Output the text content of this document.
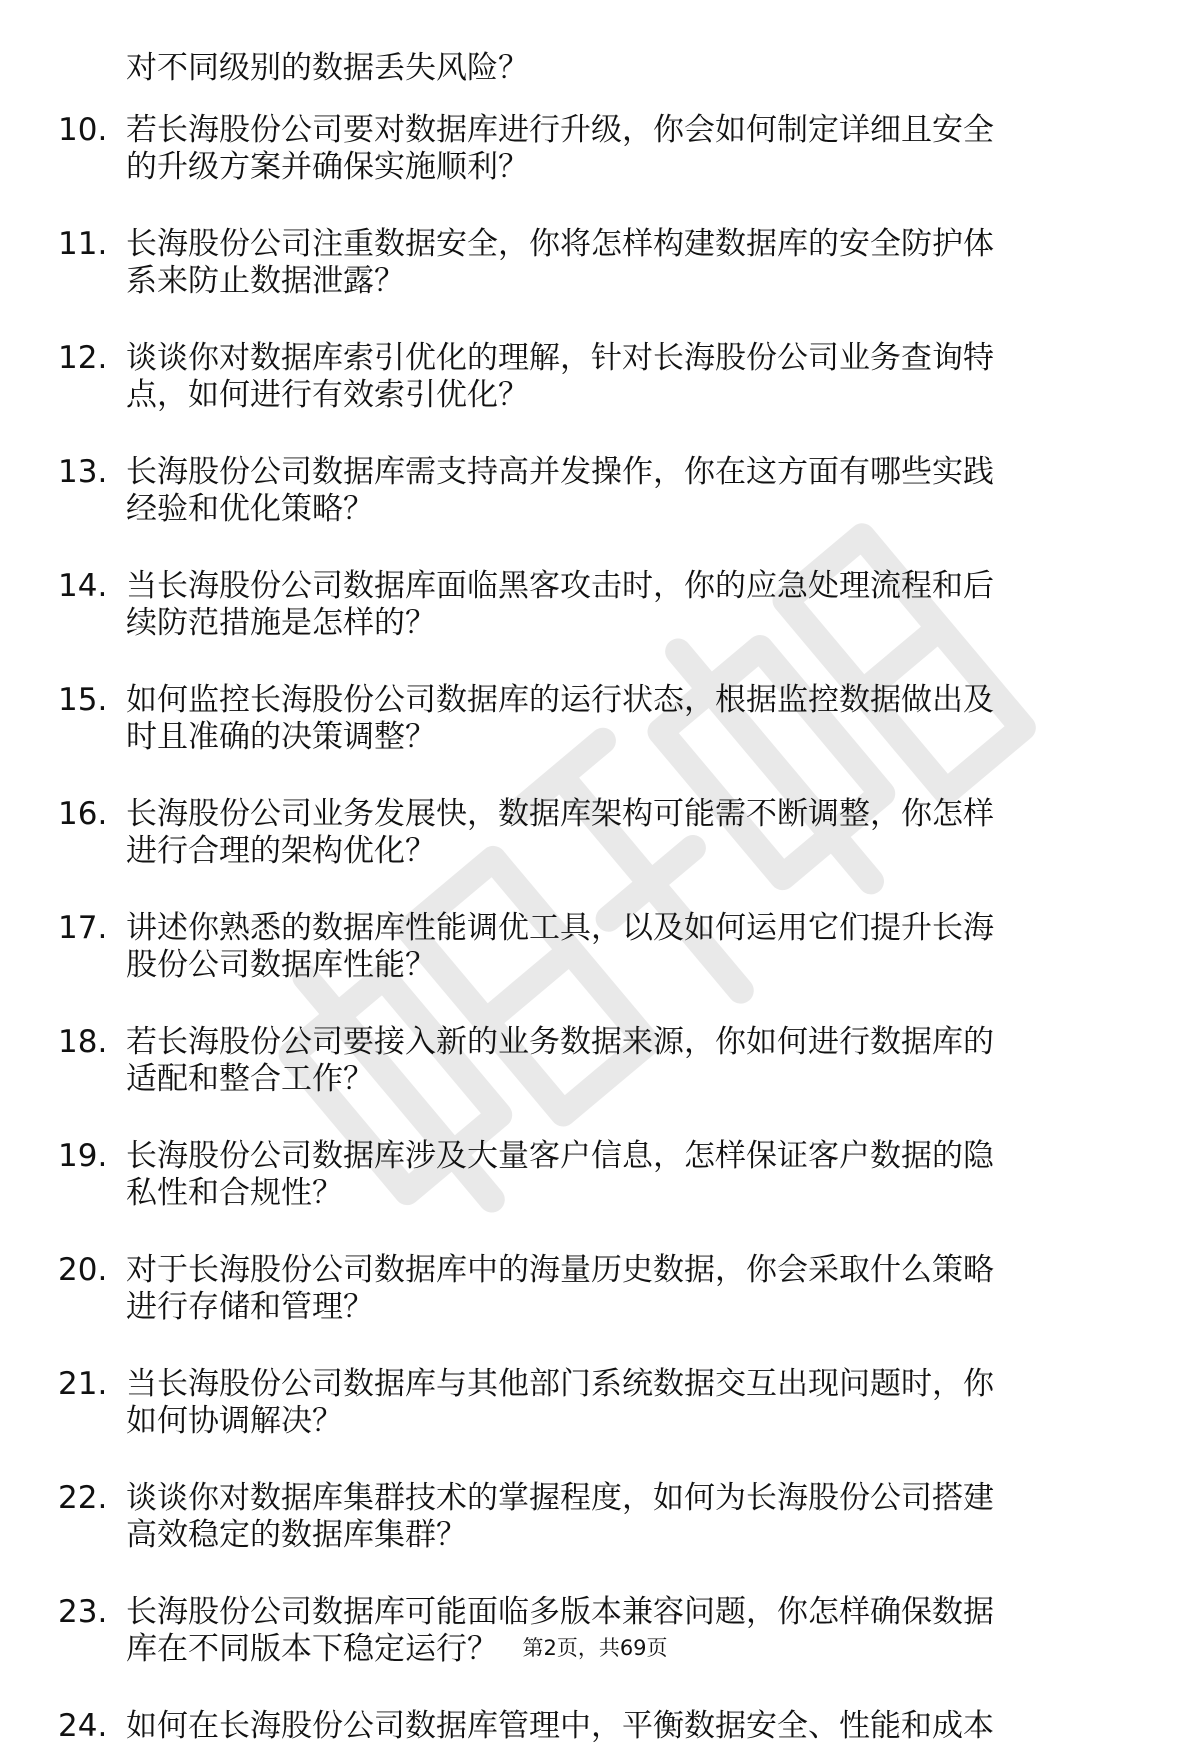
对不同级别的数据丢失风险？
10. 若长海股份公司要对数据库进行升级，你会如何制定详细且安全
的升级方案并确保实施顺利？
11. 长海股份公司注重数据安全，你将怎样构建数据库的安全防护体
系来防止数据泄露？
12. 谈谈你对数据库索引优化的理解，针对长海股份公司业务查询特
点，如何进行有效索引优化？
13. 长海股份公司数据库需支持高并发操作，你在这方面有哪些实践
经验和优化策略？
14. 当长海股份公司数据库面临黑客攻击时，你的应急处理流程和后
续防范措施是怎样的？
15. 如何监控长海股份公司数据库的运行状态，根据监控数据做出及
时且准确的决策调整？
16. 长海股份公司业务发展快，数据库架构可能需不断调整，你怎样
进行合理的架构优化？
17. 讲述你熟悉的数据库性能调优工具，以及如何运用它们提升长海
股份公司数据库性能？
18. 若长海股份公司要接入新的业务数据来源，你如何进行数据库的
适配和整合工作？
19. 长海股份公司数据库涉及大量客户信息，怎样保证客户数据的隐
私性和合规性？
20. 对于长海股份公司数据库中的海量历史数据，你会采取什么策略
进行存储和管理？
21. 当长海股份公司数据库与其他部门系统数据交互出现问题时，你
如何协调解决？
22. 谈谈你对数据库集群技术的掌握程度，如何为长海股份公司搭建
高效稳定的数据库集群？
23. 长海股份公司数据库可能面临多版本兼容问题，你怎样确保数据
库在不同版本下稳定运行？
24. 如何在长海股份公司数据库管理中，平衡数据安全、性能和成本
第2页，共69页
